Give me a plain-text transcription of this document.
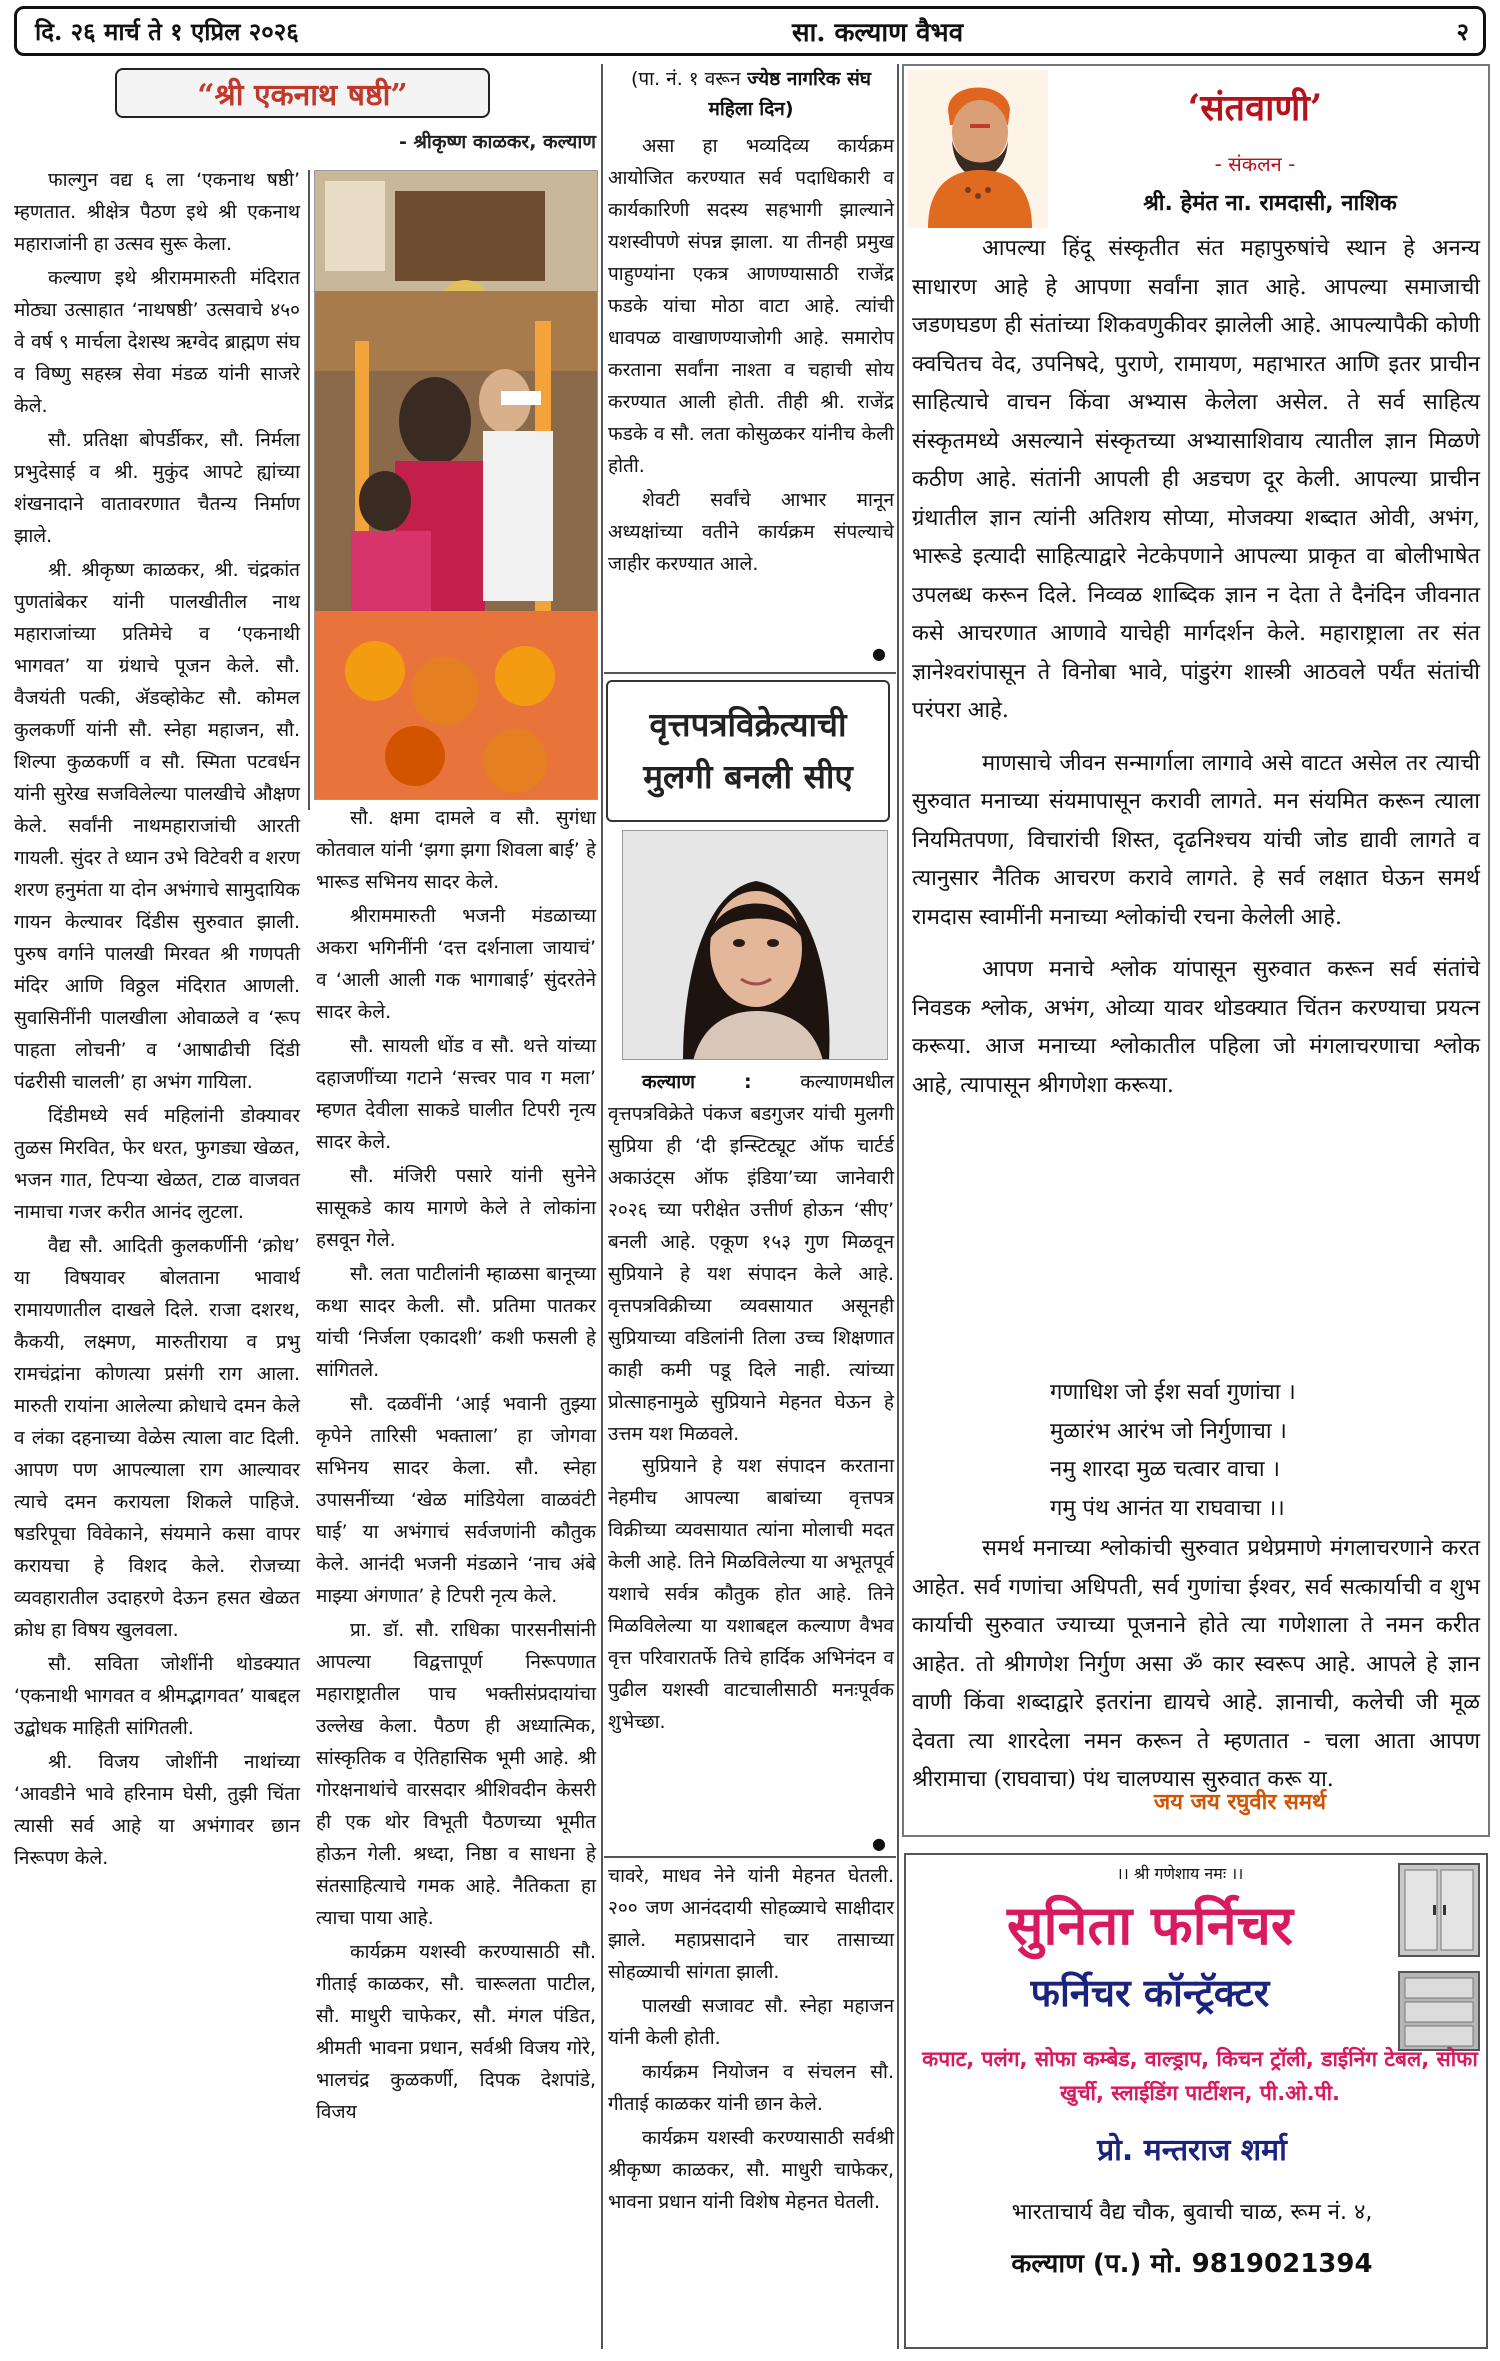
दि. २६ मार्च ते १ एप्रिल २०२६	सा. कल्याण वैभव	२
“श्री एकनाथ षष्ठी”
- श्रीकृष्ण काळकर, कल्याण

फाल्गुन वद्य ६ ला ‘एकनाथ षष्ठी’ म्हणतात. श्रीक्षेत्र पैठण इथे श्री एकनाथ महाराजांनी हा उत्सव सुरू केला.

कल्याण इथे श्रीराममारुती मंदिरात मोठ्या उत्साहात ‘नाथषष्ठी’ उत्सवाचे ४५० वे वर्ष ९ मार्चला देशस्थ ऋग्वेद ब्राह्मण संघ व विष्णु सहस्त्र सेवा मंडळ यांनी साजरे केले.

सौ. प्रतिक्षा बोपर्डीकर, सौ. निर्मला प्रभुदेसाई व श्री. मुकुंद आपटे ह्यांच्या शंखनादाने वातावरणात चैतन्य निर्माण झाले.

श्री. श्रीकृष्ण काळकर, श्री. चंद्रकांत पुणतांबेकर यांनी पालखीतील नाथ महाराजांच्या प्रतिमेचे व ‘एकनाथी भागवत’ या ग्रंथाचे पूजन केले. सौ. वैजयंती पत्की, ॲडव्होकेट सौ. कोमल कुलकर्णी यांनी सौ. स्नेहा महाजन, सौ. शिल्पा कुळकर्णी व सौ. स्मिता पटवर्धन यांनी सुरेख सजविलेल्या पालखीचे औक्षण केले. सर्वांनी नाथमहाराजांची आरती गायली. सुंदर ते ध्यान उभे विटेवरी व शरण शरण हनुमंता या दोन अभंगाचे सामुदायिक गायन केल्यावर दिंडीस सुरुवात झाली. पुरुष वर्गाने पालखी मिरवत श्री गणपती मंदिर आणि विठ्ठल मंदिरात आणली. सुवासिनींनी पालखीला ओवाळले व ‘रूप पाहता लोचनी’ व ‘आषाढीची दिंडी पंढरीसी चालली’ हा अभंग गायिला.

दिंडीमध्ये सर्व महिलांनी डोक्यावर तुळस मिरवित, फेर धरत, फुगड्या खेळत, भजन गात, टिपऱ्या खेळत, टाळ वाजवत नामाचा गजर करीत आनंद लुटला.

वैद्य सौ. आदिती कुलकर्णीनी ‘क्रोध’ या विषयावर बोलताना भावार्थ रामायणातील दाखले दिले. राजा दशरथ, कैकयी, लक्ष्मण, मारुतीराया व प्रभु रामचंद्रांना कोणत्या प्रसंगी राग आला. मारुती रायांना आलेल्या क्रोधाचे दमन केले व लंका दहनाच्या वेळेस त्याला वाट दिली. आपण पण आपल्याला राग आल्यावर त्याचे दमन करायला शिकले पाहिजे. षडरिपूचा विवेकाने, संयमाने कसा वापर करायचा हे विशद केले. रोजच्या व्यवहारातील उदाहरणे देऊन हसत खेळत क्रोध हा विषय खुलवला.

सौ. सविता जोशींनी थोडक्यात ‘एकनाथी भागवत व श्रीमद्भागवत’ याबद्दल उद्बोधक माहिती सांगितली.

श्री. विजय जोशींनी नाथांच्या ‘आवडीने भावे हरिनाम घेसी, तुझी चिंता त्यासी सर्व आहे या अभंगावर छान निरूपण केले.

सौ. क्षमा दामले व सौ. सुगंधा कोतवाल यांनी ‘झगा झगा शिवला बाई’ हे भारूड सभिनय सादर केले.

श्रीराममारुती भजनी मंडळाच्या अकरा भगिनींनी ‘दत्त दर्शनाला जायाचं’ व ‘आली आली गक भागाबाई’ सुंदरतेने सादर केले.

सौ. सायली धोंड व सौ. थत्ते यांच्या दहाजणींच्या गटाने ‘सत्त्वर पाव ग मला’ म्हणत देवीला साकडे घालीत टिपरी नृत्य सादर केले.

सौ. मंजिरी पसारे यांनी सुनेने सासूकडे काय मागणे केले ते लोकांना हसवून गेले.

सौ. लता पाटीलांनी म्हाळसा बानूच्या कथा सादर केली. सौ. प्रतिमा पातकर यांची ‘निर्जला एकादशी’ कशी फसली हे सांगितले.

सौ. दळवींनी ‘आई भवानी तुझ्या कृपेने तारिसी भक्ताला’ हा जोगवा सभिनय सादर केला. सौ. स्नेहा उपासनींच्या ‘खेळ मांडियेला वाळवंटी घाई’ या अभंगाचं सर्वजणांनी कौतुक केले. आनंदी भजनी मंडळाने ‘नाच अंबे माझ्या अंगणात’ हे टिपरी नृत्य केले.

प्रा. डॉ. सौ. राधिका पारसनीसांनी आपल्या विद्वत्तापूर्ण निरूपणात महाराष्ट्रातील पाच भक्तीसंप्रदायांचा उल्लेख केला. पैठण ही अध्यात्मिक, सांस्कृतिक व ऐतिहासिक भूमी आहे. श्री गोरक्षनाथांचे वारसदार श्रीशिवदीन केसरी ही एक थोर विभूती पैठणच्या भूमीत होऊन गेली. श्रध्दा, निष्ठा व साधना हे संतसाहित्याचे गमक आहे. नैतिकता हा त्याचा पाया आहे.

कार्यक्रम यशस्वी करण्यासाठी सौ. गीताई काळकर, सौ. चारूलता पाटील, सौ. माधुरी चाफेकर, सौ. मंगल पंडित, श्रीमती भावना प्रधान, सर्वश्री विजय गोरे, भालचंद्र कुळकर्णी, दिपक देशपांडे, विजय

(पा. नं. १ वरून ज्येष्ठ नागरिक संघ महिला दिन)

असा हा भव्यदिव्य कार्यक्रम आयोजित करण्यात सर्व पदाधिकारी व कार्यकारिणी सदस्य सहभागी झाल्याने यशस्वीपणे संपन्न झाला. या तीनही प्रमुख पाहुण्यांना एकत्र आणण्यासाठी राजेंद्र फडके यांचा मोठा वाटा आहे. त्यांची धावपळ वाखाणण्याजोगी आहे. समारोप करताना सर्वांना नाश्ता व चहाची सोय करण्यात आली होती. तीही श्री. राजेंद्र फडके व सौ. लता कोसुळकर यांनीच केली होती.

शेवटी सर्वांचे आभार मानून अध्यक्षांच्या वतीने कार्यक्रम संपल्याचे जाहीर करण्यात आले.

●
वृत्तपत्रविक्रेत्याची
मुलगी बनली सीए

कल्याण :	कल्याणमधील वृत्तपत्रविक्रेते पंकज बडगुजर यांची मुलगी सुप्रिया ही ‘दी इन्स्टिट्यूट ऑफ चार्टर्ड अकाउंट्स ऑफ इंडिया’च्या जानेवारी २०२६ च्या परीक्षेत उत्तीर्ण होऊन ‘सीए’ बनली आहे. एकूण १५३ गुण मिळवून सुप्रियाने हे यश संपादन केले आहे. वृत्तपत्रविक्रीच्या व्यवसायात असूनही सुप्रियाच्या वडिलांनी तिला उच्च शिक्षणात काही कमी पडू दिले नाही. त्यांच्या प्रोत्साहनामुळे सुप्रियाने मेहनत घेऊन हे उत्तम यश मिळवले.

सुप्रियाने हे यश संपादन करताना नेहमीच आपल्या बाबांच्या वृत्तपत्र विक्रीच्या व्यवसायात त्यांना मोलाची मदत केली आहे. तिने मिळविलेल्या या अभूतपूर्व यशाचे सर्वत्र कौतुक होत आहे. तिने मिळविलेल्या या यशाबद्दल कल्याण वैभव वृत्त परिवारातर्फे तिचे हार्दिक अभिनंदन व पुढील यशस्वी वाटचालीसाठी मनःपूर्वक शुभेच्छा.

●

चावरे, माधव नेने यांनी मेहनत घेतली. २०० जण आनंददायी सोहळ्याचे साक्षीदार झाले. महाप्रसादाने चार तासाच्या सोहळ्याची सांगता झाली.

पालखी सजावट सौ. स्नेहा महाजन यांनी केली होती.

कार्यक्रम नियोजन व संचलन सौ. गीताई काळकर यांनी छान केले.

कार्यक्रम यशस्वी करण्यासाठी सर्वश्री श्रीकृष्ण काळकर, सौ. माधुरी चाफेकर, भावना प्रधान यांनी विशेष मेहनत घेतली.

‘संतवाणी’
- संकलन -
श्री. हेमंत ना. रामदासी, नाशिक

आपल्या हिंदू संस्कृतीत संत महापुरुषांचे स्थान हे अनन्य साधारण आहे हे आपणा सर्वांना ज्ञात आहे. आपल्या समाजाची जडणघडण ही संतांच्या शिकवणुकीवर झालेली आहे. आपल्यापैकी कोणी क्वचितच वेद, उपनिषदे, पुराणे, रामायण, महाभारत आणि इतर प्राचीन साहित्याचे वाचन किंवा अभ्यास केलेला असेल. ते सर्व साहित्य संस्कृतमध्ये असल्याने संस्कृतच्या अभ्यासाशिवाय त्यातील ज्ञान मिळणे कठीण आहे. संतांनी आपली ही अडचण दूर केली. आपल्या प्राचीन ग्रंथातील ज्ञान त्यांनी अतिशय सोप्या, मोजक्या शब्दात ओवी, अभंग, भारूडे इत्यादी साहित्याद्वारे नेटकेपणाने आपल्या प्राकृत वा बोलीभाषेत उपलब्ध करून दिले. निव्वळ शाब्दिक ज्ञान न देता ते दैनंदिन जीवनात कसे आचरणात आणावे याचेही मार्गदर्शन केले. महाराष्ट्राला तर संत ज्ञानेश्वरांपासून ते विनोबा भावे, पांडुरंग शास्त्री आठवले पर्यंत संतांची परंपरा आहे.

माणसाचे जीवन सन्मार्गाला लागावे असे वाटत असेल तर त्याची सुरुवात मनाच्या संयमापासून करावी लागते. मन संयमित करून त्याला नियमितपणा, विचारांची शिस्त, दृढनिश्चय यांची जोड द्यावी लागते व त्यानुसार नैतिक आचरण करावे लागते. हे सर्व लक्षात घेऊन समर्थ रामदास स्वामींनी मनाच्या श्लोकांची रचना केलेली आहे.

आपण मनाचे श्लोक यांपासून सुरुवात करून सर्व संतांचे निवडक श्लोक, अभंग, ओव्या यावर थोडक्यात चिंतन करण्याचा प्रयत्न करूया. आज मनाच्या श्लोकातील पहिला जो मंगलाचरणाचा श्लोक आहे, त्यापासून श्रीगणेशा करूया.

गणाधिश जो ईश सर्वा गुणांचा ।
मुळारंभ आरंभ जो निर्गुणाचा ।
नमु शारदा मुळ चत्वार वाचा ।
गमु पंथ आनंत या राघवाचा ।।

समर्थ मनाच्या श्लोकांची सुरुवात प्रथेप्रमाणे मंगलाचरणाने करत आहेत. सर्व गणांचा अधिपती, सर्व गुणांचा ईश्वर, सर्व सत्कार्याची व शुभ कार्याची सुरुवात ज्याच्या पूजनाने होते त्या गणेशाला ते नमन करीत आहेत. तो श्रीगणेश निर्गुण असा ॐ कार स्वरूप आहे. आपले हे ज्ञान वाणी किंवा शब्दाद्वारे इतरांना द्यायचे आहे. ज्ञानाची, कलेची जी मूळ देवता त्या शारदेला नमन करून ते म्हणतात - चला आता आपण श्रीरामाचा (राघवाचा) पंथ चालण्यास सुरुवात करू या.

जय जय रघुवीर समर्थ
।। श्री गणेशाय नमः ।।
सुनिता फर्निचर
फर्निचर कॉन्ट्रॅक्टर
कपाट, पलंग, सोफा कम्बेड, वाल्ड्राप, किचन ट्रॉली, डाईनिंग टेबल, सोफा खुर्ची, स्लाईडिंग पार्टीशन, पी.ओ.पी.
प्रो. मन्तराज शर्मा
भारताचार्य वैद्य चौक, बुवाची चाळ, रूम नं. ४,
कल्याण (प.) मो. 9819021394
